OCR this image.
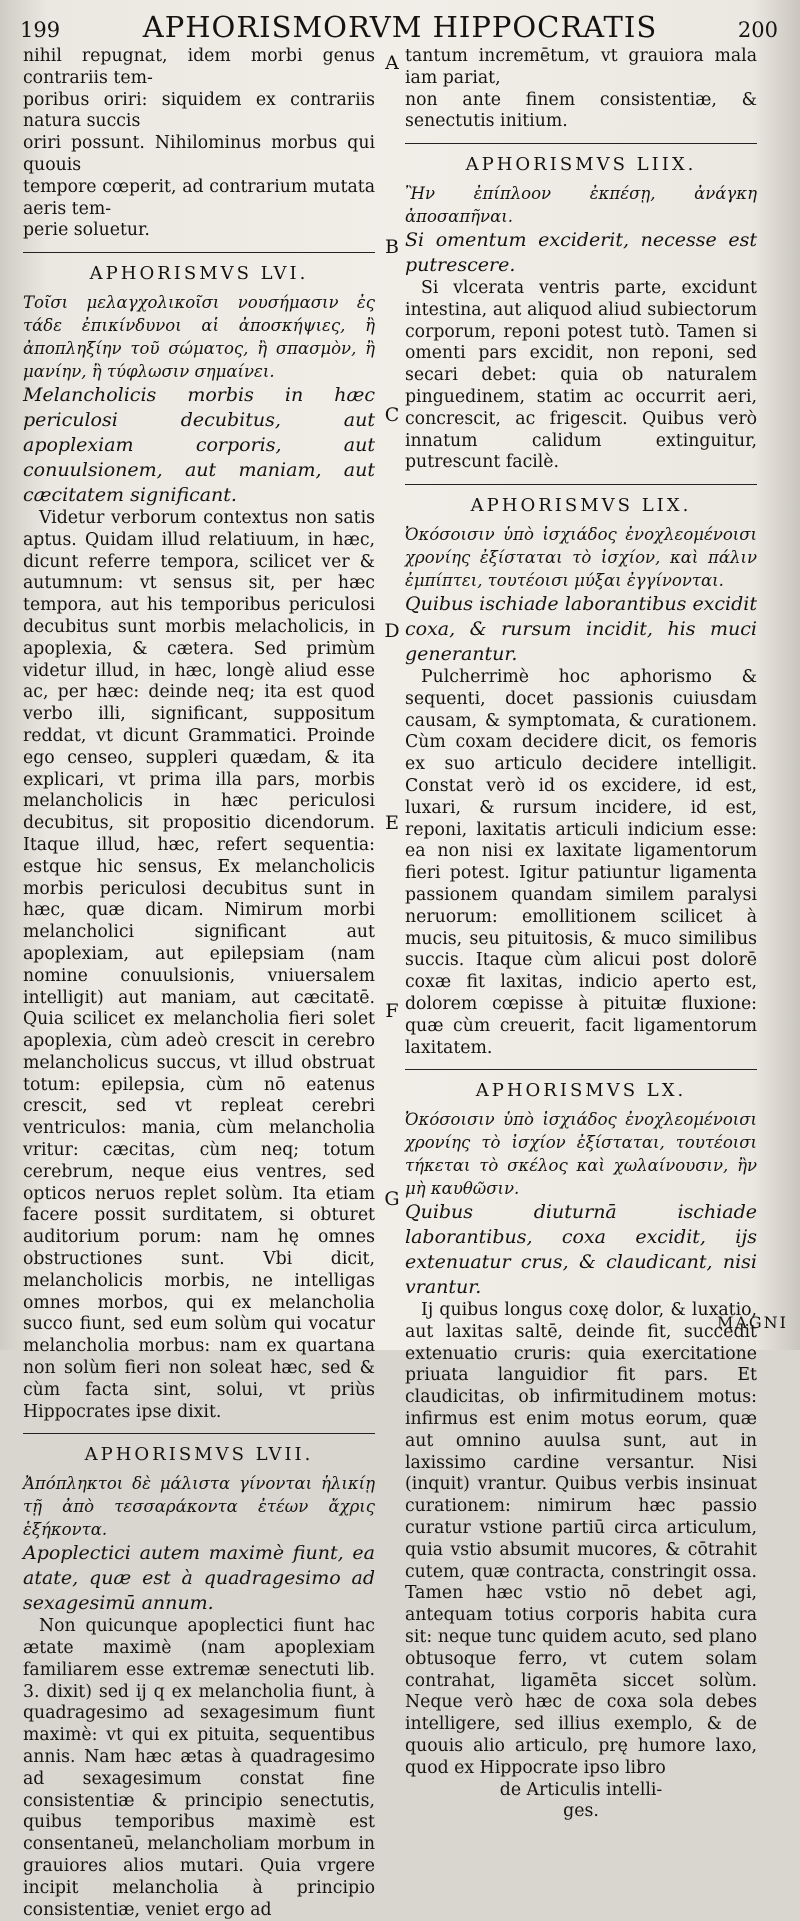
199	APHORISMORVM HIPPOCRATIS	200

nihil repugnat, idem morbi genus contrariis tem-

poribus oriri: siquidem ex contrariis natura succis

oriri possunt. Nihilominus morbus qui quouis

tempore cœperit, ad contrarium mutata aeris tem-

perie soluetur.

APHORISMVS LVI.

Τοῖσι μελαγχολικοῖσι νουσήμασιν ἐς τάδε ἐπικίνδυνοι αἱ ἀποσκήψιες, ἢ ἀποπληξίην τοῦ σώματος, ἢ σπασμὸν, ἢ μανίην, ἢ τύφλωσιν σημαίνει.

Melancholicis morbis in hæc periculosi decubitus, aut apoplexiam corporis, aut conuulsionem, aut maniam, aut cæcitatem significant.

Videtur verborum contextus non satis aptus. Quidam illud relatiuum, in hæc, dicunt referre tempora, scilicet ver & autumnum: vt sensus sit, per hæc tempora, aut his temporibus periculosi decubitus sunt morbis melacholicis, in apoplexia, & cætera. Sed primùm videtur illud, in hæc, longè aliud esse ac, per hæc: deinde neq; ita est quod verbo illi, significant, suppositum reddat, vt dicunt Grammatici. Proinde ego censeo, suppleri quædam, & ita explicari, vt prima illa pars, morbis melancholicis in hæc periculosi decubitus, sit propositio dicendorum. Itaque illud, hæc, refert sequentia: estque hic sensus, Ex melancholicis morbis periculosi decubitus sunt in hæc, quæ dicam. Nimirum morbi melancholici significant aut apoplexiam, aut epilepsiam (nam nomine conuulsionis, vniuersalem intelligit) aut maniam, aut cæcitatē. Quia scilicet ex melancholia fieri solet apoplexia, cùm adeò crescit in cerebro melancholicus succus, vt illud obstruat totum: epilepsia, cùm nō eatenus crescit, sed vt repleat cerebri ventriculos: mania, cùm melancholia vritur: cæcitas, cùm neq; totum cerebrum, neque eius ventres, sed opticos neruos replet solùm. Ita etiam facere possit surditatem, si obturet auditorium porum: nam hę omnes obstructiones sunt. Vbi dicit, melancholicis morbis, ne intelligas omnes morbos, qui ex melancholia succo fiunt, sed eum solùm qui vocatur melancholia morbus: nam ex quartana non solùm fieri non soleat hæc, sed & cùm facta sint, solui, vt priùs Hippocrates ipse dixit.

APHORISMVS LVII.

Ἀπόπληκτοι δὲ μάλιστα γίνονται ἡλικίῃ τῇ ἀπὸ τεσσαράκοντα ἐτέων ἄχρις ἑξήκοντα.

Apoplectici autem maximè fiunt, ea atate, quæ est à quadragesimo ad sexagesimū annum.

Non quicunque apoplectici fiunt hac ætate maximè (nam apoplexiam familiarem esse extremæ senectuti lib. 3. dixit) sed ij q ex melancholia fiunt, à quadragesimo ad sexagesimum fiunt maximè: vt qui ex pituita, sequentibus annis. Nam hæc ætas à quadragesimo ad sexagesimum constat fine consistentiæ & principio senectutis, quibus temporibus maximè est consentaneū, melancholiam morbum in grauiores alios mutari. Quia vrgere incipit melancholia à principio consistentiæ, veniet ergo ad

A
B
C
D
E
F
G

tantum incremētum, vt grauiora mala iam pariat,

non ante finem consistentiæ, & senectutis initium.

APHORISMVS LIIX.

Ἢν ἐπίπλοον ἐκπέσῃ, ἀνάγκη ἀποσαπῆναι.

Si omentum exciderit, necesse est putrescere.

Si vlcerata ventris parte, excidunt intestina, aut aliquod aliud subiectorum corporum, reponi potest tutò. Tamen si omenti pars excidit, non reponi, sed secari debet: quia ob naturalem pinguedinem, statim ac occurrit aeri, concrescit, ac frigescit. Quibus verò innatum calidum extinguitur, putrescunt facilè.

APHORISMVS LIX.

Ὀκόσοισιν ὑπὸ ἰσχιάδος ἐνοχλεομένοισι χρονίης ἐξίσταται τὸ ἰσχίον, καὶ πάλιν ἐμπίπτει, τουτέοισι μύξαι ἐγγίνονται.

Quibus ischiade laborantibus excidit coxa, & rursum incidit, his muci generantur.

Pulcherrimè hoc aphorismo & sequenti, docet passionis cuiusdam causam, & symptomata, & curationem. Cùm coxam decidere dicit, os femoris ex suo articulo decidere intelligit. Constat verò id os excidere, id est, luxari, & rursum incidere, id est, reponi, laxitatis articuli indicium esse: ea non nisi ex laxitate ligamentorum fieri potest. Igitur patiuntur ligamenta passionem quandam similem paralysi neruorum: emollitionem scilicet à mucis, seu pituitosis, & muco similibus succis. Itaque cùm alicui post dolorē coxæ fit laxitas, indicio aperto est, dolorem cœpisse à pituitæ fluxione: quæ cùm creuerit, facit ligamentorum laxitatem.

APHORISMVS LX.

Ὀκόσοισιν ὑπὸ ἰσχιάδος ἐνοχλεομένοισι χρονίης τὸ ἰσχίον ἐξίσταται, τουτέοισι τήκεται τὸ σκέλος καὶ χωλαίνουσιν, ἢν μὴ καυθῶσιν.

Quibus diuturnā ischiade laborantibus, coxa excidit, ijs extenuatur crus, & claudicant, nisi vrantur.

Ij quibus longus coxę dolor, & luxatio, aut laxitas saltē, deinde fit, succedit extenuatio cruris: quia exercitatione priuata languidior fit pars. Et claudicitas, ob infirmitudinem motus: infirmus est enim motus eorum, quæ aut omnino auulsa sunt, aut in laxissimo cardine versantur. Nisi (inquit) vrantur. Quibus verbis insinuat curationem: nimirum hæc passio curatur vstione partiū circa articulum, quia vstio absumit mucores, & cōtrahit cutem, quæ contracta, constringit ossa. Tamen hæc vstio nō debet agi, antequam totius corporis habita cura sit: neque tunc quidem acuto, sed plano obtusoque ferro, vt cutem solam contrahat, ligamēta siccet solùm. Neque verò hæc de coxa sola debes intelligere, sed illius exemplo, & de quouis alio articulo, prę humore laxo, quod ex Hippocrate ipso libro

de Articulis intelli-

ges.

MAGNI
